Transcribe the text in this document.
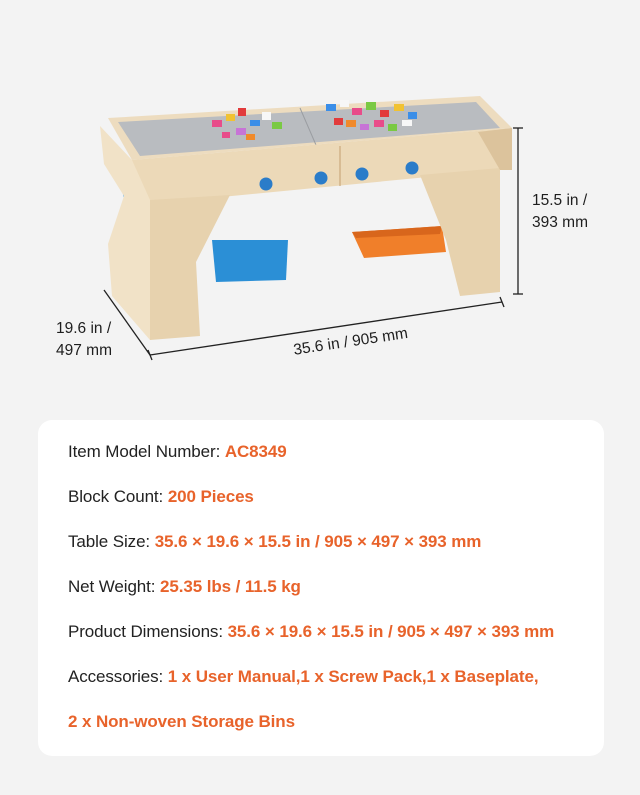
15.5 in /
393 mm
19.6 in /
497 mm	35.6 in / 905 mm
Item Model Number: AC8349
Block Count: 200 Pieces
Table Size: 35.6 × 19.6 × 15.5 in / 905 × 497 × 393 mm
Net Weight: 25.35 lbs / 11.5 kg
Product Dimensions: 35.6 × 19.6 × 15.5 in / 905 × 497 × 393 mm
Accessories: 1 x User Manual,1 x Screw Pack,1 x Baseplate,
2 x Non-woven Storage Bins
